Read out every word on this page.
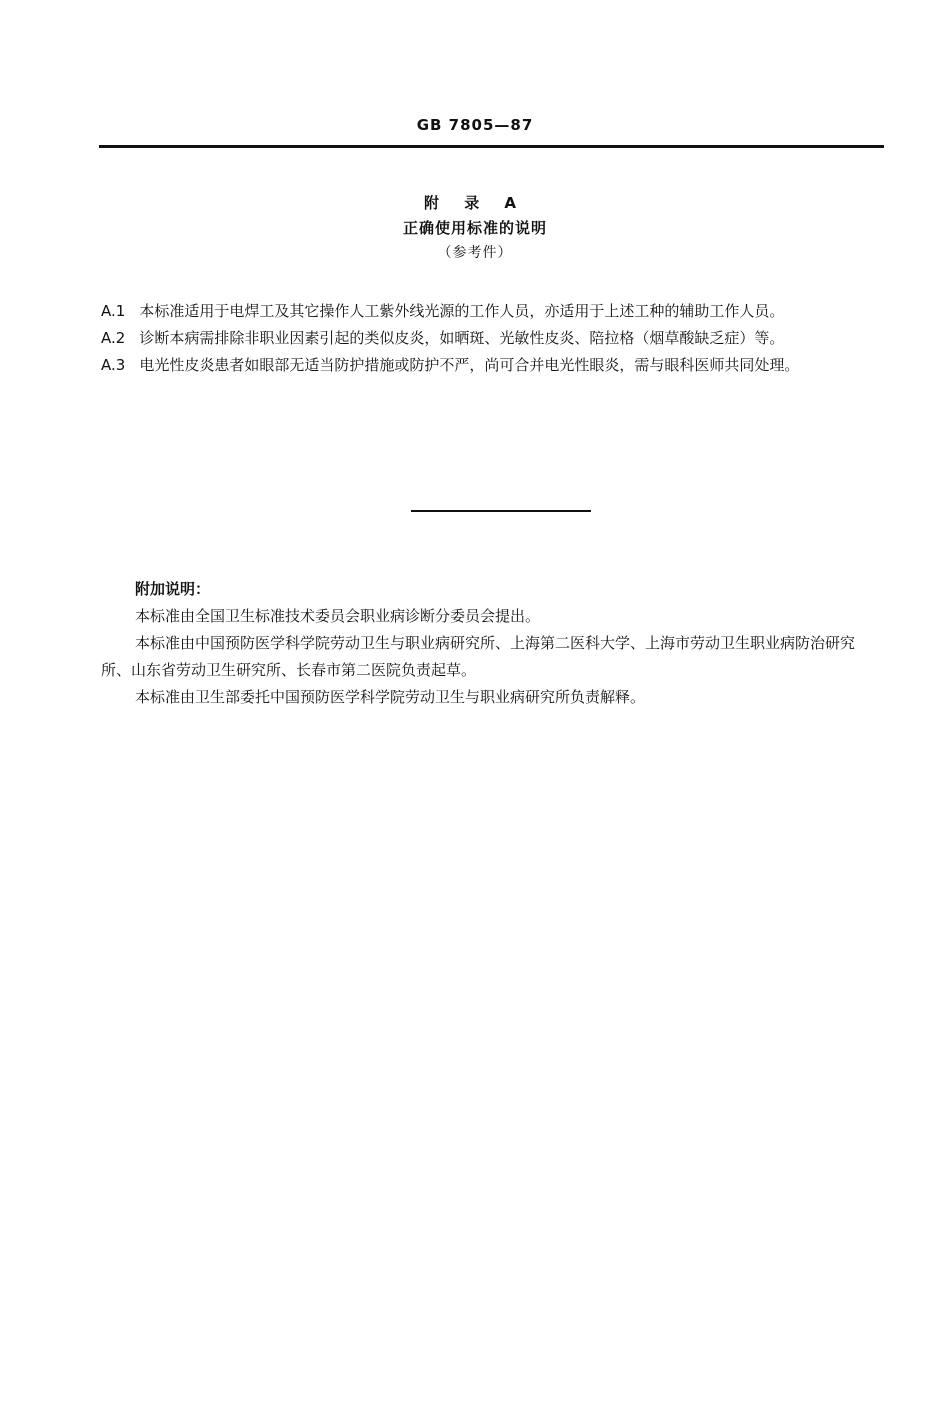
GB 7805—87
附 录 A
正确使用标准的说明
（参考件）

A.1 本标准适用于电焊工及其它操作人工紫外线光源的工作人员，亦适用于上述工种的辅助工作人员。

A.2 诊断本病需排除非职业因素引起的类似皮炎，如晒斑、光敏性皮炎、陪拉格（烟草酸缺乏症）等。

A.3 电光性皮炎患者如眼部无适当防护措施或防护不严，尚可合并电光性眼炎，需与眼科医师共同处理。

附加说明：

本标准由全国卫生标准技术委员会职业病诊断分委员会提出。

本标准由中国预防医学科学院劳动卫生与职业病研究所、上海第二医科大学、上海市劳动卫生职业病防治研究所、山东省劳动卫生研究所、长春市第二医院负责起草。

本标准由卫生部委托中国预防医学科学院劳动卫生与职业病研究所负责解释。
